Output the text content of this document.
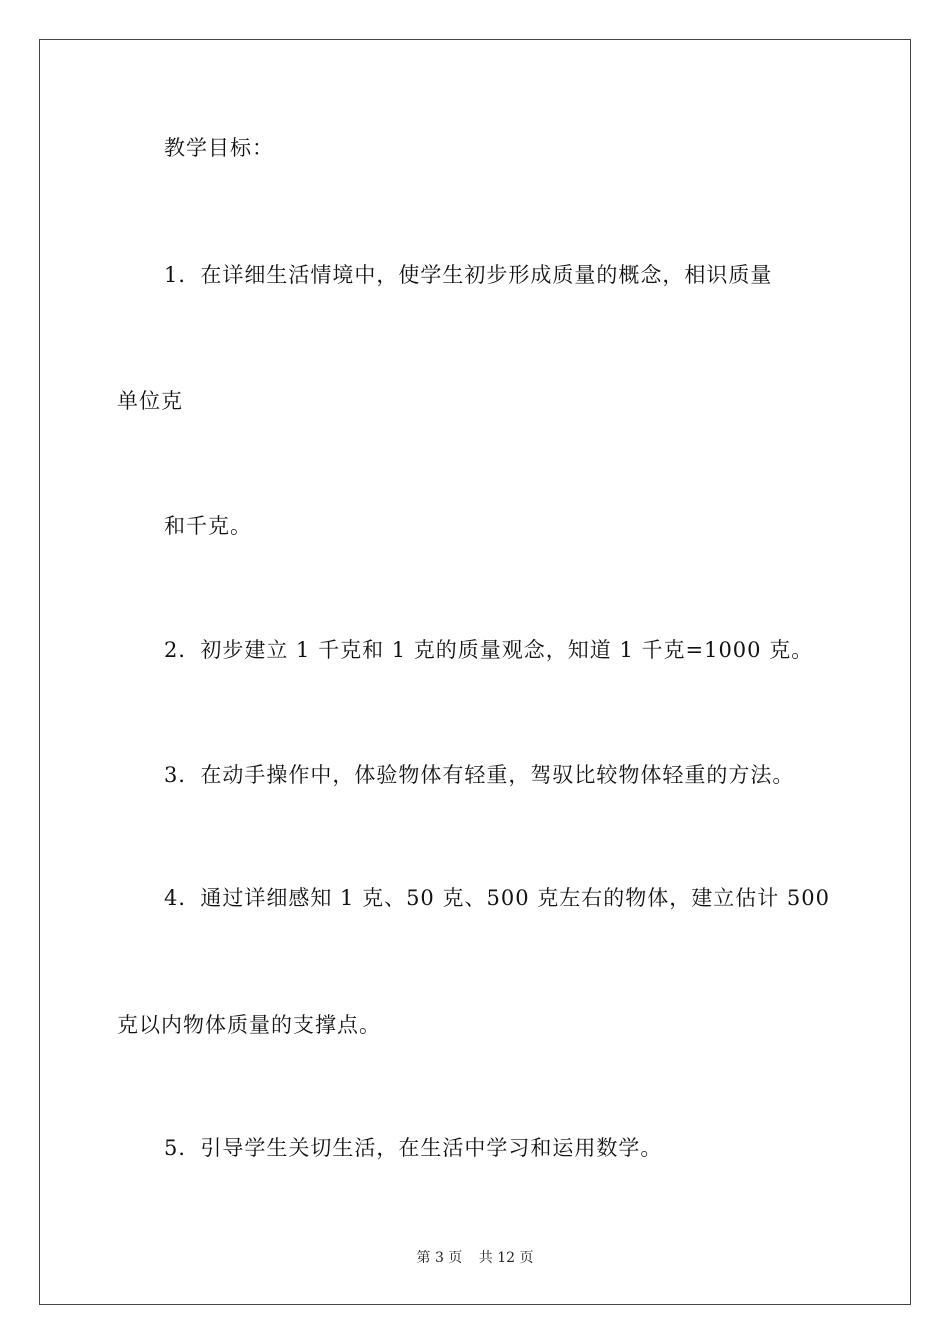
教学目标：
1．在详细生活情境中，使学生初步形成质量的概念，相识质量
单位克
和千克。
2．初步建立 1 千克和 1 克的质量观念，知道 1 千克=1000 克。
3．在动手操作中，体验物体有轻重，驾驭比较物体轻重的方法。
4．通过详细感知 1 克、50 克、500 克左右的物体，建立估计 500
克以内物体质量的支撑点。
5．引导学生关切生活，在生活中学习和运用数学。
第 3 页 共 12 页
